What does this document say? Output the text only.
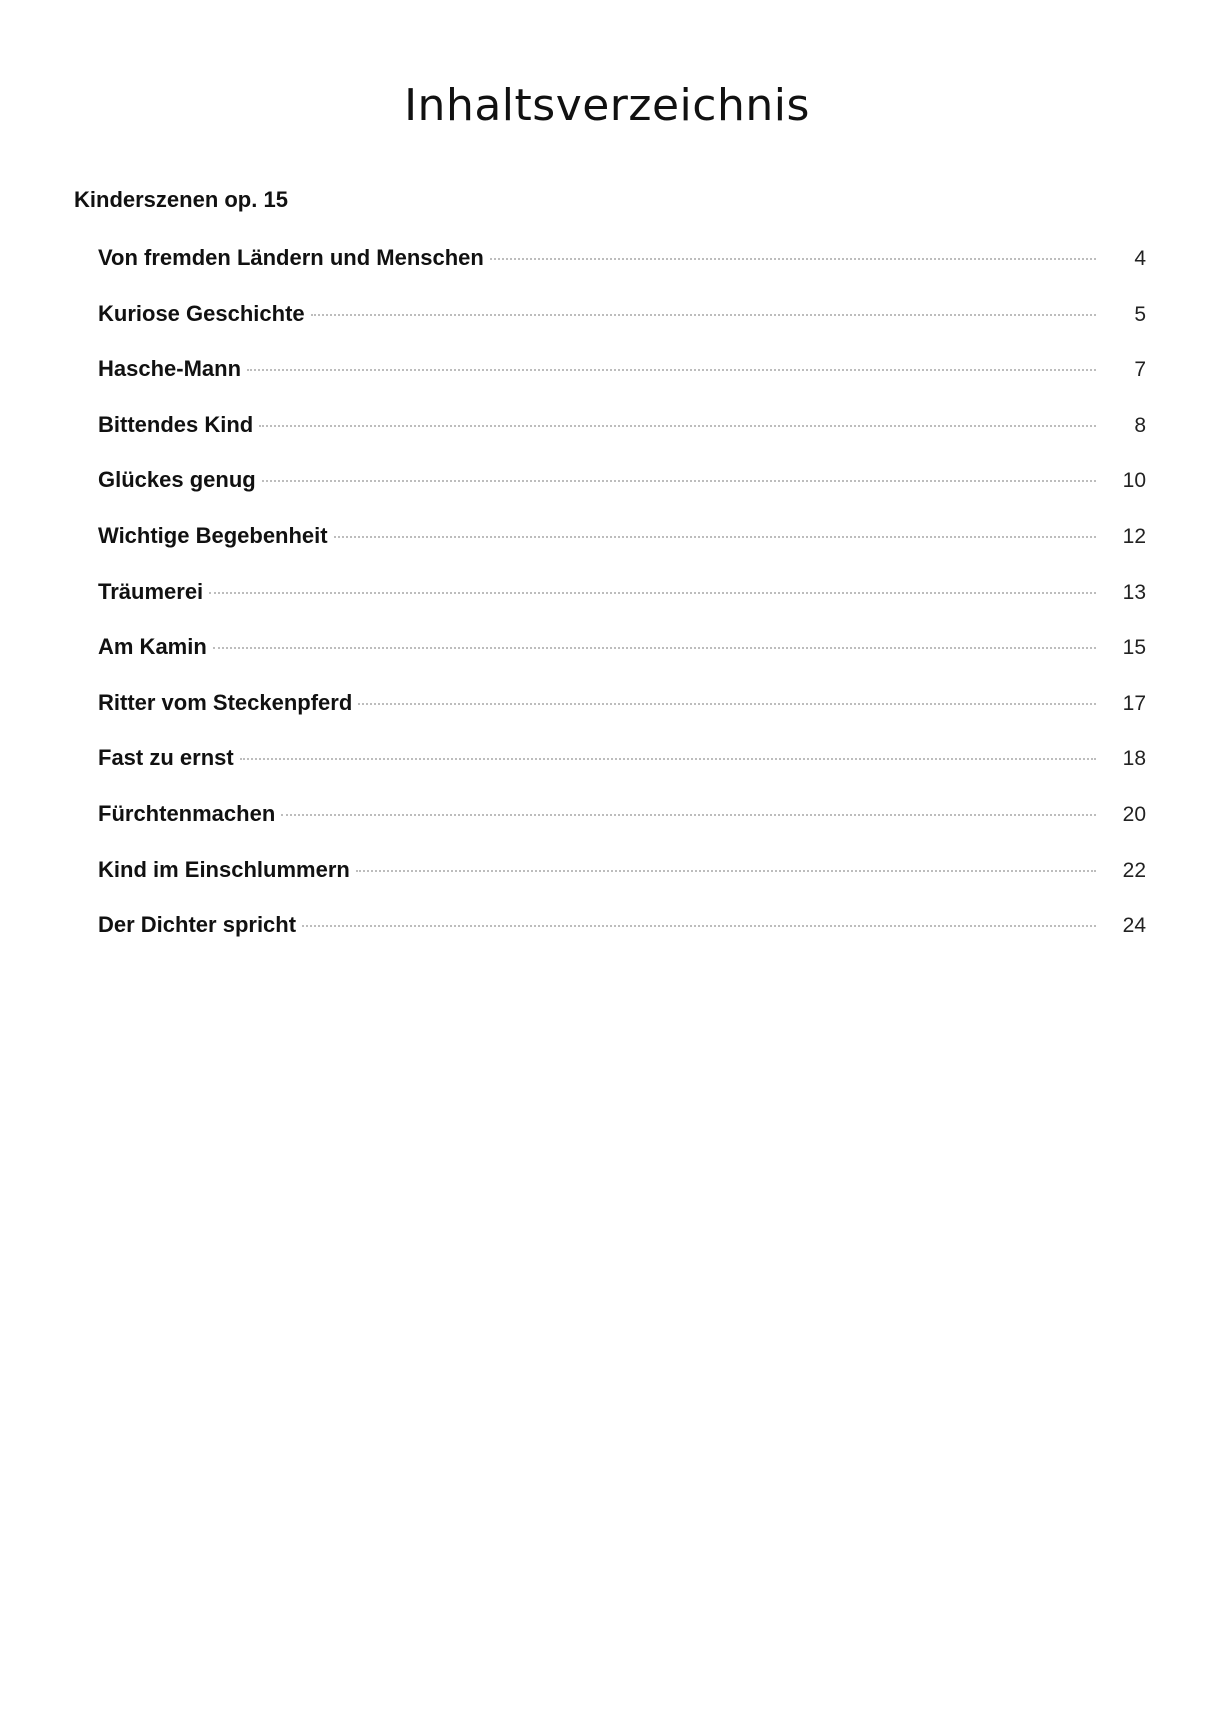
Inhaltsverzeichnis
Kinderszenen op. 15
Von fremden Ländern und Menschen	4
Kuriose Geschichte	5
Hasche-Mann	7
Bittendes Kind	8
Glückes genug	10
Wichtige Begebenheit	12
Träumerei	13
Am Kamin	15
Ritter vom Steckenpferd	17
Fast zu ernst	18
Fürchtenmachen	20
Kind im Einschlummern	22
Der Dichter spricht	24
